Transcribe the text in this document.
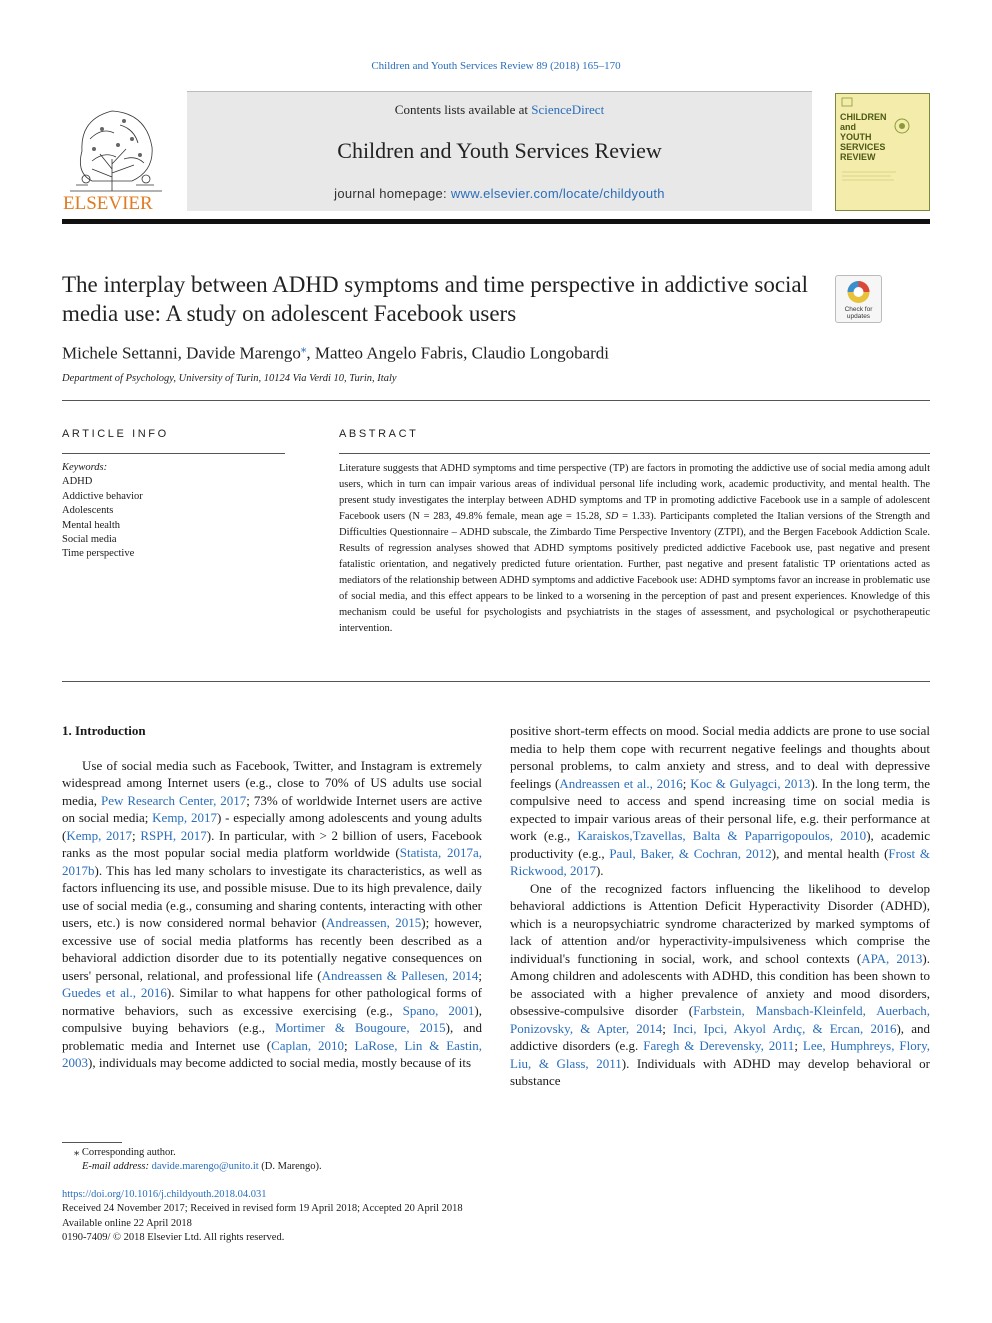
Children and Youth Services Review 89 (2018) 165–170
ELSEVIER
Contents lists available at ScienceDirect
Children and Youth Services Review
journal homepage: www.elsevier.com/locate/childyouth
CHILDREN
and
YOUTH
SERVICES
REVIEW
The interplay between ADHD symptoms and time perspective in addictive social media use: A study on adolescent Facebook users	Check for
updates
Michele Settanni, Davide Marengo⁎, Matteo Angelo Fabris, Claudio Longobardi
Department of Psychology, University of Turin, 10124 Via Verdi 10, Turin, Italy
ARTICLE INFO	ABSTRACT
Keywords:
ADHD
Addictive behavior
Adolescents
Mental health
Social media
Time perspective
Literature suggests that ADHD symptoms and time perspective (TP) are factors in promoting the addictive use of social media among adult users, which in turn can impair various areas of individual personal life including work, academic productivity, and mental health. The present study investigates the interplay between ADHD symptoms and TP in promoting addictive Facebook use in a sample of adolescent Facebook users (N = 283, 49.8% female, mean age = 15.28, SD = 1.33). Participants completed the Italian versions of the Strength and Difficulties Questionnaire – ADHD subscale, the Zimbardo Time Perspective Inventory (ZTPI), and the Bergen Facebook Addiction Scale. Results of regression analyses showed that ADHD symptoms positively predicted addictive Facebook use, past negative and present fatalistic orientation, and negatively predicted future orientation. Further, past negative and present fatalistic TP orientations acted as mediators of the relationship between ADHD symptoms and addictive Facebook use: ADHD symptoms favor an increase in problematic use of social media, and this effect appears to be linked to a worsening in the perception of past and present experiences. Knowledge of this mechanism could be useful for psychologists and psychiatrists in the stages of assessment, and psychological or psychotherapeutic intervention.
1. Introduction

Use of social media such as Facebook, Twitter, and Instagram is extremely widespread among Internet users (e.g., close to 70% of US adults use social media, Pew Research Center, 2017; 73% of worldwide Internet users are active on social media; Kemp, 2017) - especially among adolescents and young adults (Kemp, 2017; RSPH, 2017). In particular, with > 2 billion of users, Facebook ranks as the most popular social media platform worldwide (Statista, 2017a, 2017b). This has led many scholars to investigate its characteristics, as well as factors influencing its use, and possible misuse. Due to its high prevalence, daily use of social media (e.g., consuming and sharing contents, interacting with other users, etc.) is now considered normal behavior (Andreassen, 2015); however, excessive use of social media platforms has recently been described as a behavioral addiction disorder due to its potentially negative consequences on users' personal, relational, and professional life (Andreassen & Pallesen, 2014; Guedes et al., 2016). Similar to what happens for other pathological forms of normative behaviors, such as excessive exercising (e.g., Spano, 2001), compulsive buying behaviors (e.g., Mortimer & Bougoure, 2015), and problematic media and Internet use (Caplan, 2010; LaRose, Lin & Eastin, 2003), individuals may become addicted to social media, mostly because of its

positive short-term effects on mood. Social media addicts are prone to use social media to help them cope with recurrent negative feelings and thoughts about personal problems, to calm anxiety and stress, and to deal with depressive feelings (Andreassen et al., 2016; Koc & Gulyagci, 2013). In the long term, the compulsive need to access and spend increasing time on social media is expected to impair various areas of their personal life, e.g. their performance at work (e.g., Karaiskos,Tzavellas, Balta & Paparrigopoulos, 2010), academic productivity (e.g., Paul, Baker, & Cochran, 2012), and mental health (Frost & Rickwood, 2017).

One of the recognized factors influencing the likelihood to develop behavioral addictions is Attention Deficit Hyperactivity Disorder (ADHD), which is a neuropsychiatric syndrome characterized by marked symptoms of lack of attention and/or hyperactivity-impulsiveness which comprise the individual's functioning in social, work, and school contexts (APA, 2013). Among children and adolescents with ADHD, this condition has been shown to be associated with a higher prevalence of anxiety and mood disorders, obsessive-compulsive disorder (Farbstein, Mansbach-Kleinfeld, Auerbach, Ponizovsky, & Apter, 2014; Inci, Ipci, Akyol Ardıç, & Ercan, 2016), and addictive disorders (e.g. Faregh & Derevensky, 2011; Lee, Humphreys, Flory, Liu, & Glass, 2011). Individuals with ADHD may develop behavioral or substance

⁎ Corresponding author.
E-mail address: davide.marengo@unito.it (D. Marengo).
https://doi.org/10.1016/j.childyouth.2018.04.031
Received 24 November 2017; Received in revised form 19 April 2018; Accepted 20 April 2018
Available online 22 April 2018
0190-7409/ © 2018 Elsevier Ltd. All rights reserved.
